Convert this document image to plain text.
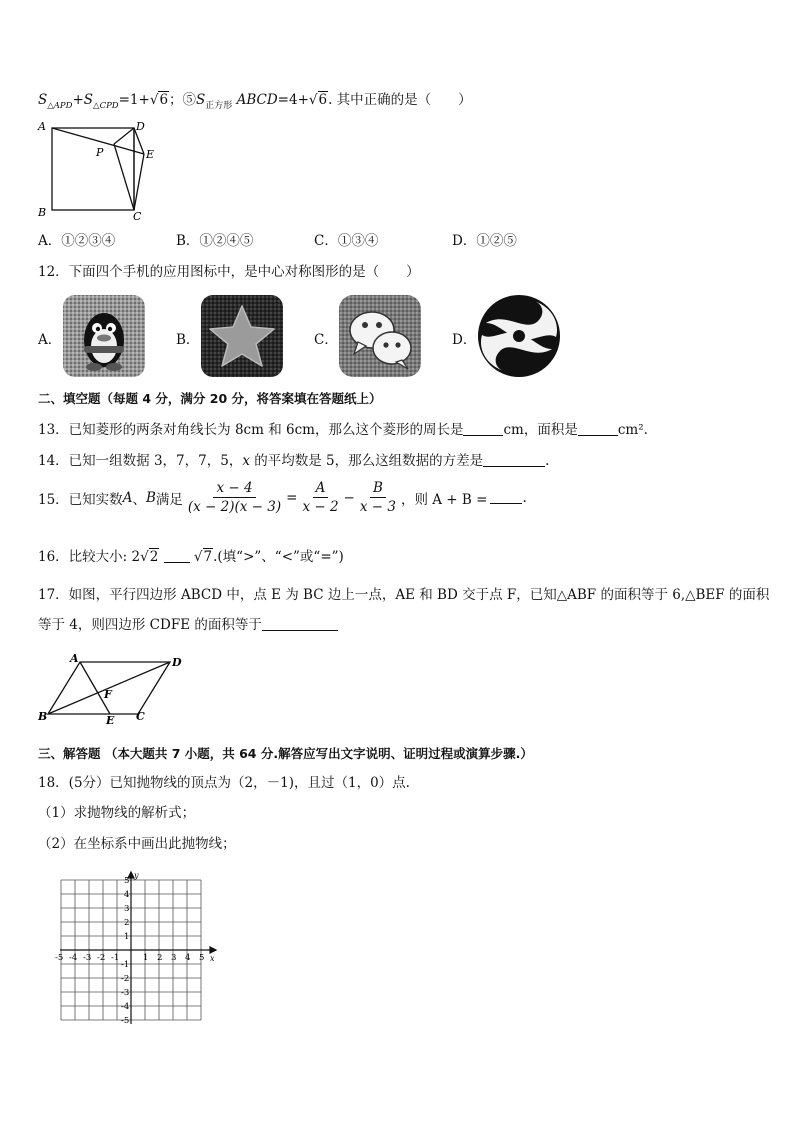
$S_{\triangle APD}+S_{\triangle CPD}=1+√6$；$⑤S_{正方形}$ ABCD=4+√6. 其中正确的是（　　）
A	D
E
P
B	C
A．①②③④	B．①②④⑤	C．①③④	D．①②⑤
12．下面四个手机的应用图标中，是中心对称图形的是（　　）
A．	B．	C．	D．
二、填空题（每题 4 分，满分 20 分，将答案填在答题纸上）
13．已知菱形的两条对角线长为 8cm 和 6cm，那么这个菱形的周长是	cm，面积是	cm².
14．已知一组数据 3，7，7，5，x 的平均数是 5，那么这组数据的方差是	.
15．已知实数 A 、 B 满足 $\frac{x - 4}{(x - 2)(x - 3)} = \frac{A}{x - 2} - \frac{B}{x - 3}$ ，则 A + B =	.
16．比较大小: 2√2  √7.(填“>”、“<”或“=”)
17．如图，平行四边形 ABCD 中，点 E 为 BC 边上一点，AE 和 BD 交于点 F，已知△ABF 的面积等于 6,△BEF 的面积
等于 4，则四边形 CDFE 的面积等于
A	D
B	E C
F
三、解答题 （本大题共 7 小题，共 64 分.解答应写出文字说明、证明过程或演算步骤.）
18．(5分）已知抛物线的顶点为（2，－1)，且过（1，0）点.
（1）求抛物线的解析式；
（2）在坐标系中画出此抛物线；
x
y
-5 -4 -3 -2 -1	1 2 3 4 5
5
4
3
2
1
-1
-2
-3
-4
-5
